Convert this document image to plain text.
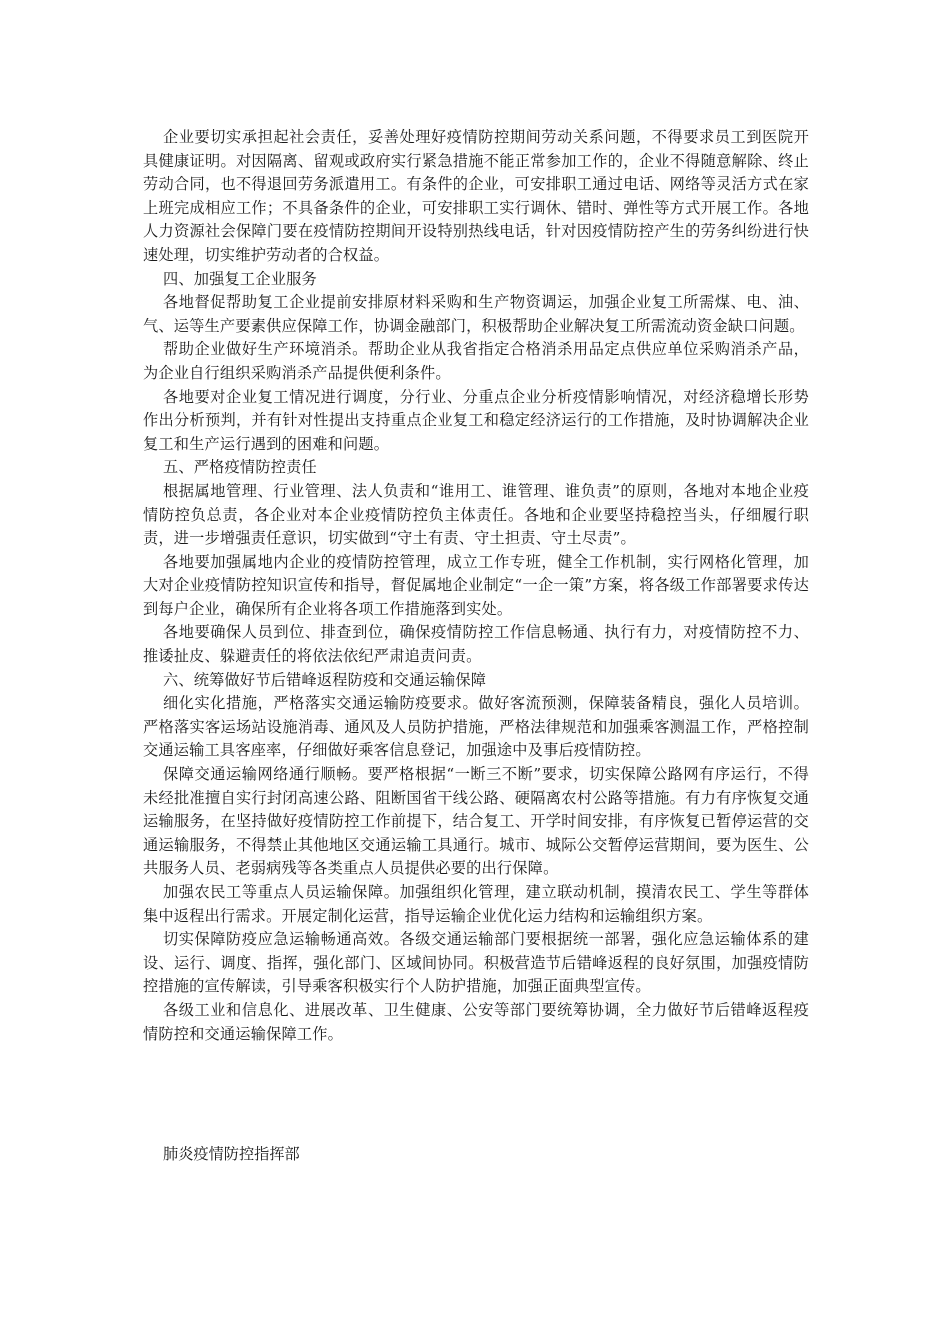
企业要切实承担起社会责任，妥善处理好疫情防控期间劳动关系问题，不得要求员工到医院开具健康证明。对因隔离、留观或政府实行紧急措施不能正常参加工作的，企业不得随意解除、终止劳动合同，也不得退回劳务派遣用工。有条件的企业，可安排职工通过电话、网络等灵活方式在家上班完成相应工作；不具备条件的企业，可安排职工实行调休、错时、弹性等方式开展工作。各地人力资源社会保障门要在疫情防控期间开设特别热线电话，针对因疫情防控产生的劳务纠纷进行快速处理，切实维护劳动者的合权益。

四、加强复工企业服务

各地督促帮助复工企业提前安排原材料采购和生产物资调运，加强企业复工所需煤、电、油、气、运等生产要素供应保障工作，协调金融部门，积极帮助企业解决复工所需流动资金缺口问题。

帮助企业做好生产环境消杀。帮助企业从我省指定合格消杀用品定点供应单位采购消杀产品，为企业自行组织采购消杀产品提供便利条件。

各地要对企业复工情况进行调度，分行业、分重点企业分析疫情影响情况，对经济稳增长形势作出分析预判，并有针对性提出支持重点企业复工和稳定经济运行的工作措施，及时协调解决企业复工和生产运行遇到的困难和问题。

五、严格疫情防控责任

根据属地管理、行业管理、法人负责和“谁用工、谁管理、谁负责”的原则，各地对本地企业疫情防控负总责，各企业对本企业疫情防控负主体责任。各地和企业要坚持稳控当头，仔细履行职责，进一步增强责任意识，切实做到“守土有责、守土担责、守土尽责”。

各地要加强属地内企业的疫情防控管理，成立工作专班，健全工作机制，实行网格化管理，加大对企业疫情防控知识宣传和指导，督促属地企业制定“一企一策”方案，将各级工作部署要求传达到每户企业，确保所有企业将各项工作措施落到实处。

各地要确保人员到位、排查到位，确保疫情防控工作信息畅通、执行有力，对疫情防控不力、推诿扯皮、躲避责任的将依法依纪严肃追责问责。

六、统筹做好节后错峰返程防疫和交通运输保障

细化实化措施，严格落实交通运输防疫要求。做好客流预测，保障装备精良，强化人员培训。严格落实客运场站设施消毒、通风及人员防护措施，严格法律规范和加强乘客测温工作，严格控制交通运输工具客座率，仔细做好乘客信息登记，加强途中及事后疫情防控。

保障交通运输网络通行顺畅。要严格根据“一断三不断”要求，切实保障公路网有序运行，不得未经批准擅自实行封闭高速公路、阻断国省干线公路、硬隔离农村公路等措施。有力有序恢复交通运输服务，在坚持做好疫情防控工作前提下，结合复工、开学时间安排，有序恢复已暂停运营的交通运输服务，不得禁止其他地区交通运输工具通行。城市、城际公交暂停运营期间，要为医生、公共服务人员、老弱病残等各类重点人员提供必要的出行保障。

加强农民工等重点人员运输保障。加强组织化管理，建立联动机制，摸清农民工、学生等群体集中返程出行需求。开展定制化运营，指导运输企业优化运力结构和运输组织方案。

切实保障防疫应急运输畅通高效。各级交通运输部门要根据统一部署，强化应急运输体系的建设、运行、调度、指挥，强化部门、区域间协同。积极营造节后错峰返程的良好氛围，加强疫情防控措施的宣传解读，引导乘客积极实行个人防护措施，加强正面典型宣传。

各级工业和信息化、进展改革、卫生健康、公安等部门要统筹协调，全力做好节后错峰返程疫情防控和交通运输保障工作。

肺炎疫情防控指挥部
